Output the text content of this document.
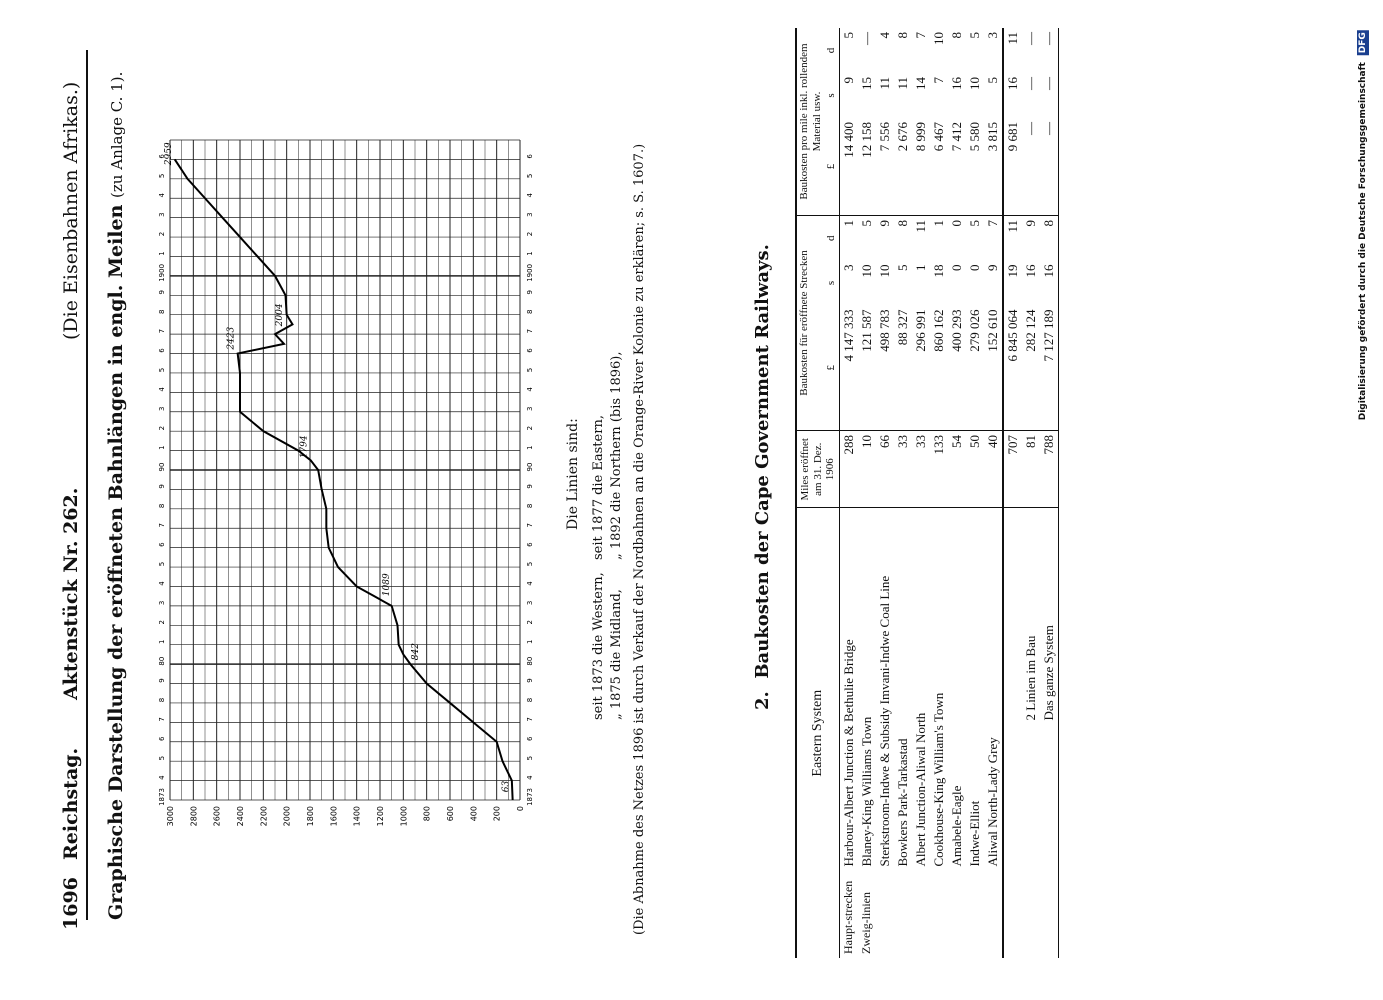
1696
Reichstag.
Aktenstück Nr. 262.
(Die Eisenbahnen Afrikas.) Graphische Darstellung der eröffneten Bahnlängen in engl. Meilen (zu Anlage C. 1).
0
200
400
600
800
1000
1200
1400
1600
1800
2000
2200
2400
2600
2800
3000
1873	1873
4	4
5	5
6	6
7	7
8	8
9	9
80	80
1	1
2	2
3	3
4	4
5	5
6	6
7	7
8	8
9	9
90	90
1	1
2	2
3	3
4	4
5	5
6	6
7	7
8	8
9	9
1900	1900
1	1
2	2
3	3
4	4
5	5
6	6
63
842
1089
1794
2423
2004
2959
Die Linien sind:
seit 1873 die Western, „ 1875 die Midland,
seit 1877 die Eastern, „ 1892 die Northern (bis 1896), (Die Abnahme des Netzes 1896 ist durch Verkauf der Nordbahnen an die Orange-River Kolonie zu erklären; s. S. 1607.)	2.  Baukosten der Cape Government Railways.
Eastern System		Miles eröffnet am 31. Dez. 1906	Baukosten für eröffnete Strecken			Baukosten pro mile inkl. rollendem Material usw.		
			£	s	d	£	s	d
Haupt-strecken	Harbour-Albert Junction & Bethulie Bridge	288	4 147 333	3	1	14 400	9	5
Zweig-linien	Blaney-King Williams Town	10	121 587	10	5	12 158	15	—
	Sterkstroom-Indwe & Subsidy Imvani-Indwe Coal Line	66	498 783	10	9	7 556	11	4
	Bowkers Park-Tarkastad	33	88 327	5	8	2 676	11	8
	Albert Junction-Aliwal North	33	296 991	1	11	8 999	14	7
	Cookhouse-King William's Town	133	860 162	18	1	6 467	7	10
	Amabele-Eagle	54	400 293	0	0	7 412	16	8
	Indwe-Elliot	50	279 026	0	5	5 580	10	5
	Aliwal North-Lady Grey	40	152 610	9	7	3 815	5	3
		707	6 845 064	19	11	9 681	16	11
	2 Linien im Bau	81	282 124	16	9	—	—	—
	Das ganze System	788	7 127 189	16	8	—	—	—
Digitalisierung gefördert durch die Deutsche Forschungsgemeinschaft DFG
